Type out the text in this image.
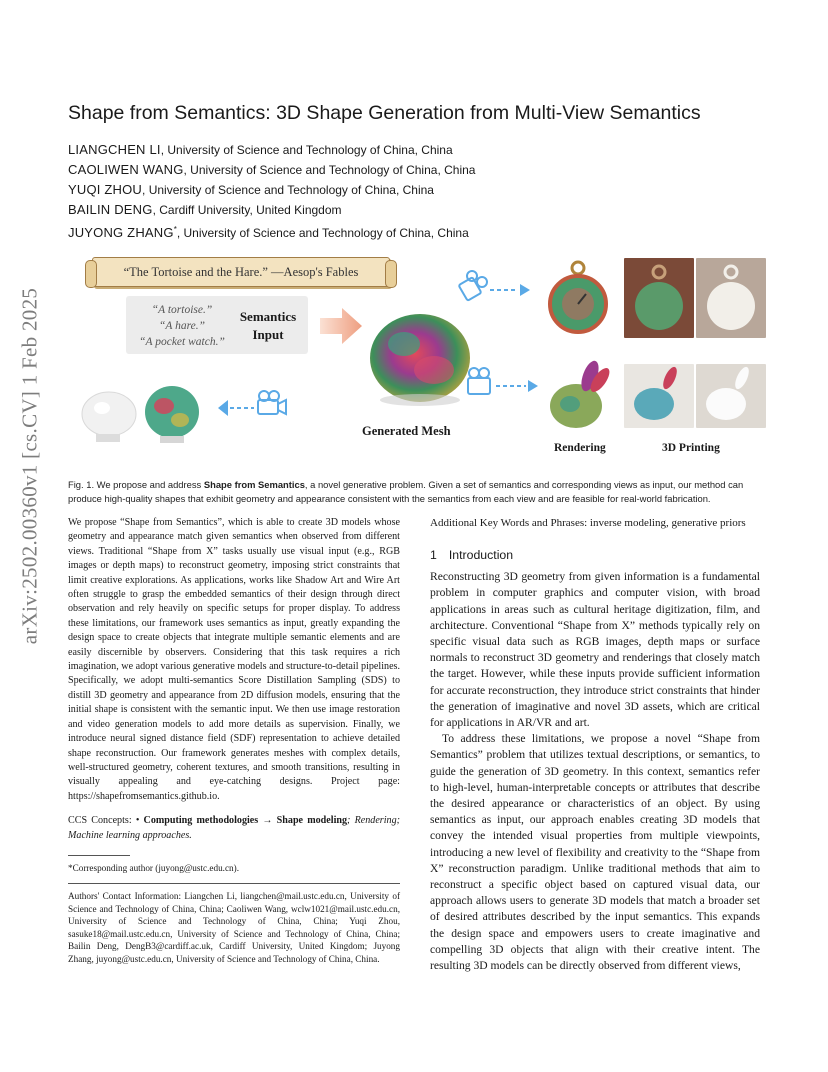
arXiv:2502.00360v1 [cs.CV] 1 Feb 2025
Shape from Semantics: 3D Shape Generation from Multi-View Semantics
LIANGCHEN LI, University of Science and Technology of China, China
CAOLIWEN WANG, University of Science and Technology of China, China
YUQI ZHOU, University of Science and Technology of China, China
BAILIN DENG, Cardiff University, United Kingdom
JUYONG ZHANG*, University of Science and Technology of China, China
“The Tortoise and the Hare.” —Aesop's Fables
“A tortoise.”
“A hare.”
“A pocket watch.”
Semantics Input
Generated Mesh
Rendering	3D Printing
Fig. 1. We propose and address Shape from Semantics, a novel generative problem. Given a set of semantics and corresponding views as input, our method can produce high-quality shapes that exhibit geometry and appearance consistent with the semantics from each view and are feasible for real-world fabrication.

We propose “Shape from Semantics”, which is able to create 3D models whose geometry and appearance match given semantics when observed from different views. Traditional “Shape from X” tasks usually use visual input (e.g., RGB images or depth maps) to reconstruct geometry, imposing strict constraints that limit creative explorations. As applications, works like Shadow Art and Wire Art often struggle to grasp the embedded semantics of their design through direct observation and rely heavily on specific setups for proper display. To address these limitations, our framework uses semantics as input, greatly expanding the design space to create objects that integrate multiple semantic elements and are easily discernible by observers. Considering that this task requires a rich imagination, we adopt various generative models and structure-to-detail pipelines. Specifically, we adopt multi-semantics Score Distillation Sampling (SDS) to distill 3D geometry and appearance from 2D diffusion models, ensuring that the initial shape is consistent with the semantic input. We then use image restoration and video generation models to add more details as supervision. Finally, we introduce neural signed distance field (SDF) representation to achieve detailed shape reconstruction. Our framework generates meshes with complex details, well-structured geometry, coherent textures, and smooth transitions, resulting in visually appealing and eye-catching designs. Project page: https://shapefromsemantics.github.io.

CCS Concepts: • Computing methodologies → Shape modeling; Rendering; Machine learning approaches.

*Corresponding author (juyong@ustc.edu.cn).
Authors' Contact Information: Liangchen Li, liangchen@mail.ustc.edu.cn, University of Science and Technology of China, China; Caoliwen Wang, wclw1021@mail.ustc.edu.cn, University of Science and Technology of China, China; Yuqi Zhou, sasuke18@mail.ustc.edu.cn, University of Science and Technology of China, China; Bailin Deng, DengB3@cardiff.ac.uk, Cardiff University, United Kingdom; Juyong Zhang, juyong@ustc.edu.cn, University of Science and Technology of China, China.
Additional Key Words and Phrases: inverse modeling, generative priors
1 Introduction

Reconstructing 3D geometry from given information is a fundamental problem in computer graphics and computer vision, with broad applications in areas such as cultural heritage digitization, film, and architecture. Conventional “Shape from X” methods typically rely on specific visual data such as RGB images, depth maps or surface normals to reconstruct 3D geometry and renderings that closely match the target. However, while these inputs provide sufficient information for accurate reconstruction, they introduce strict constraints that hinder the generation of imaginative and novel 3D assets, which are critical for applications in AR/VR and art.

To address these limitations, we propose a novel “Shape from Semantics” problem that utilizes textual descriptions, or semantics, to guide the generation of 3D geometry. In this context, semantics refer to high-level, human-interpretable concepts or attributes that describe the desired appearance or characteristics of an object. By using semantics as input, our approach enables creating 3D models that convey the intended visual properties from multiple viewpoints, introducing a new level of flexibility and creativity to the “Shape from X” reconstruction paradigm. Unlike traditional methods that aim to reconstruct a specific object based on captured visual data, our approach allows users to generate 3D models that match a broader set of desired attributes described by the input semantics. This expands the design space and empowers users to create imaginative and compelling 3D objects that align with their creative intent. The resulting 3D models can be directly observed from different views,
